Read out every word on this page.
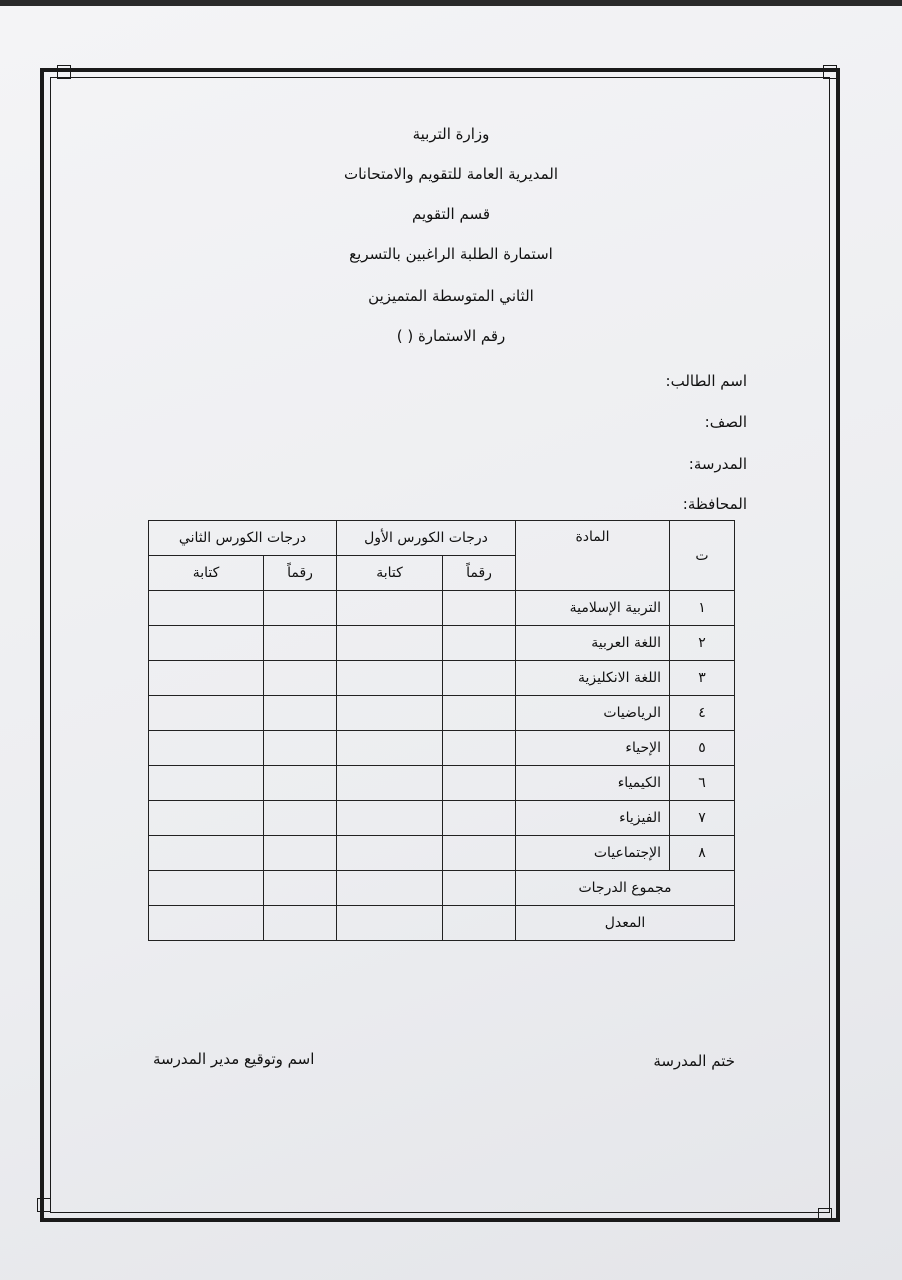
وزارة التربية
المديرية العامة للتقويم والامتحانات
قسم التقويم
استمارة الطلبة الراغبين بالتسريع
الثاني المتوسطة المتميزين
رقم الاستمارة ( )
اسم الطالب:
الصف:
المدرسة:
المحافظة:
ت	المادة	درجات الكورس الأول		درجات الكورس الثاني	
		رقماً	كتابة	رقماً	كتابة
١	التربية الإسلامية				
٢	اللغة العربية				
٣	اللغة الانكليزية				
٤	الرياضيات				
٥	الإحياء				
٦	الكيمياء				
٧	الفيزياء				
٨	الإجتماعيات				
مجموع الدرجات					
المعدل					
ختم المدرسة
اسم وتوقيع مدير المدرسة
